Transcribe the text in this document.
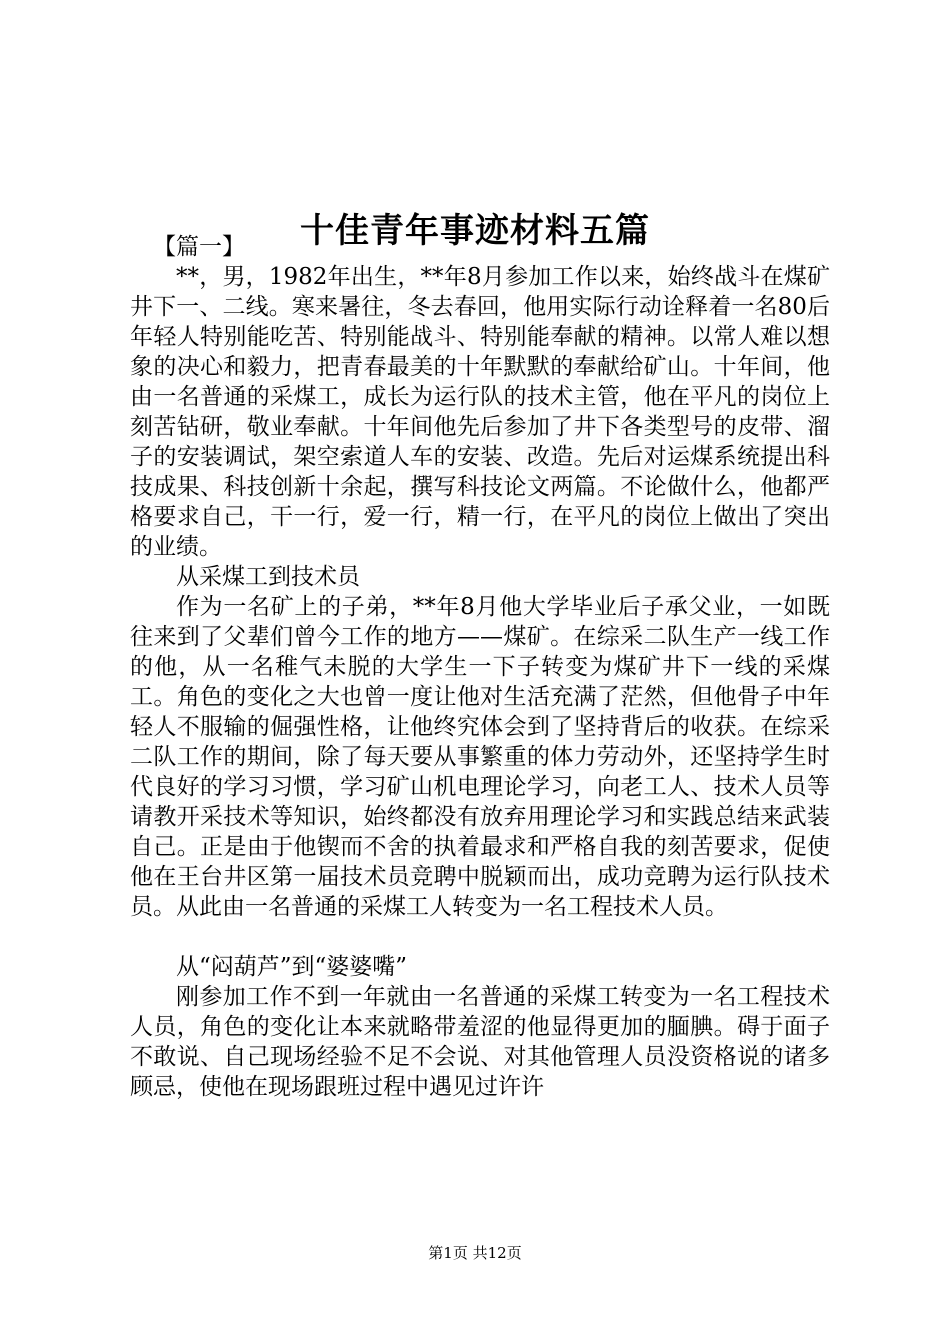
十佳青年事迹材料五篇

【篇一】

**，男，1982年出生，**年8月参加工作以来，始终战斗在煤矿井下一、二线。寒来暑往，冬去春回，他用实际行动诠释着一名80后年轻人特别能吃苦、特别能战斗、特别能奉献的精神。以常人难以想象的决心和毅力，把青春最美的十年默默的奉献给矿山。十年间，他由一名普通的采煤工，成长为运行队的技术主管，他在平凡的岗位上刻苦钻研，敬业奉献。十年间他先后参加了井下各类型号的皮带、溜子的安装调试，架空索道人车的安装、改造。先后对运煤系统提出科技成果、科技创新十余起，撰写科技论文两篇。不论做什么，他都严格要求自己，干一行，爱一行，精一行，在平凡的岗位上做出了突出的业绩。

从采煤工到技术员

作为一名矿上的子弟，**年8月他大学毕业后子承父业，一如既往来到了父辈们曾今工作的地方——煤矿。在综采二队生产一线工作的他，从一名稚气未脱的大学生一下子转变为煤矿井下一线的采煤工。角色的变化之大也曾一度让他对生活充满了茫然，但他骨子中年轻人不服输的倔强性格，让他终究体会到了坚持背后的收获。在综采二队工作的期间，除了每天要从事繁重的体力劳动外，还坚持学生时代良好的学习习惯，学习矿山机电理论学习，向老工人、技术人员等请教开采技术等知识，始终都没有放弃用理论学习和实践总结来武装自己。正是由于他锲而不舍的执着最求和严格自我的刻苦要求，促使他在王台井区第一届技术员竞聘中脱颖而出，成功竞聘为运行队技术员。从此由一名普通的采煤工人转变为一名工程技术人员。

从“闷葫芦”到“婆婆嘴”

刚参加工作不到一年就由一名普通的采煤工转变为一名工程技术人员，角色的变化让本来就略带羞涩的他显得更加的腼腆。碍于面子不敢说、自己现场经验不足不会说、对其他管理人员没资格说的诸多顾忌，使他在现场跟班过程中遇见过许许

第1页 共12页
